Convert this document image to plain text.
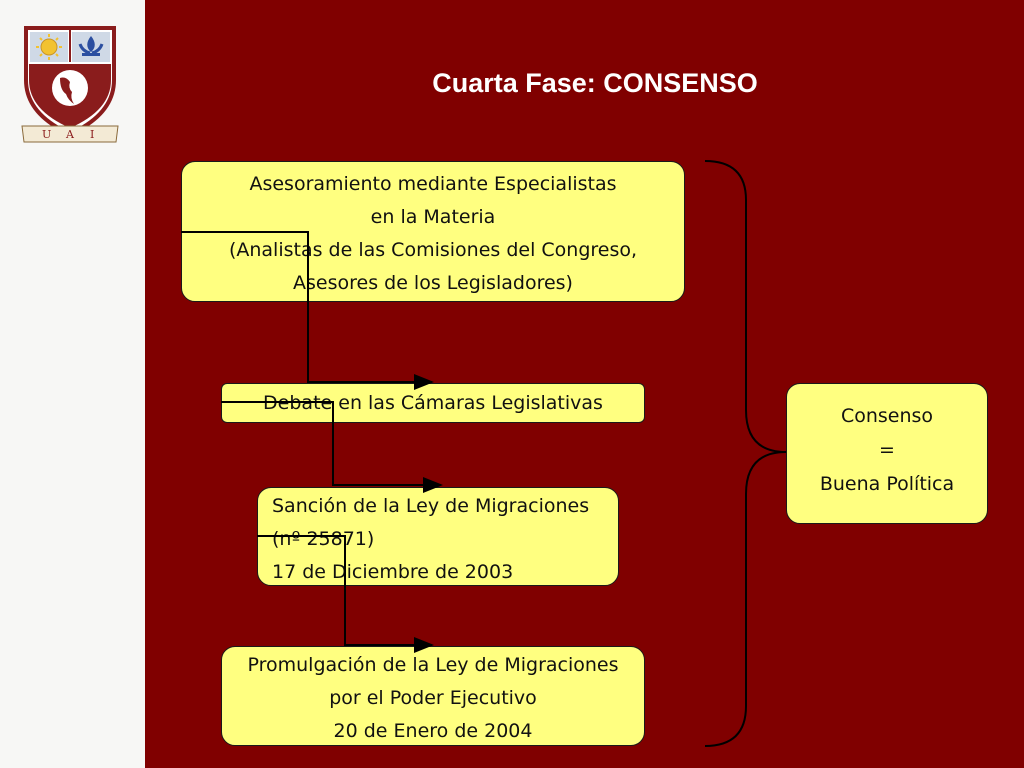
U A I
Cuarta Fase: CONSENSO
Asesoramiento mediante Especialistas
en la Materia
(Analistas de las Comisiones del Congreso,
Asesores de los Legisladores)
Debate en las Cámaras Legislativas
Sanción de la Ley de Migraciones
(nº 25871)
17 de Diciembre de 2003
Promulgación de la Ley de Migraciones
por el Poder Ejecutivo
20 de Enero de 2004
Consenso
=
Buena Política
